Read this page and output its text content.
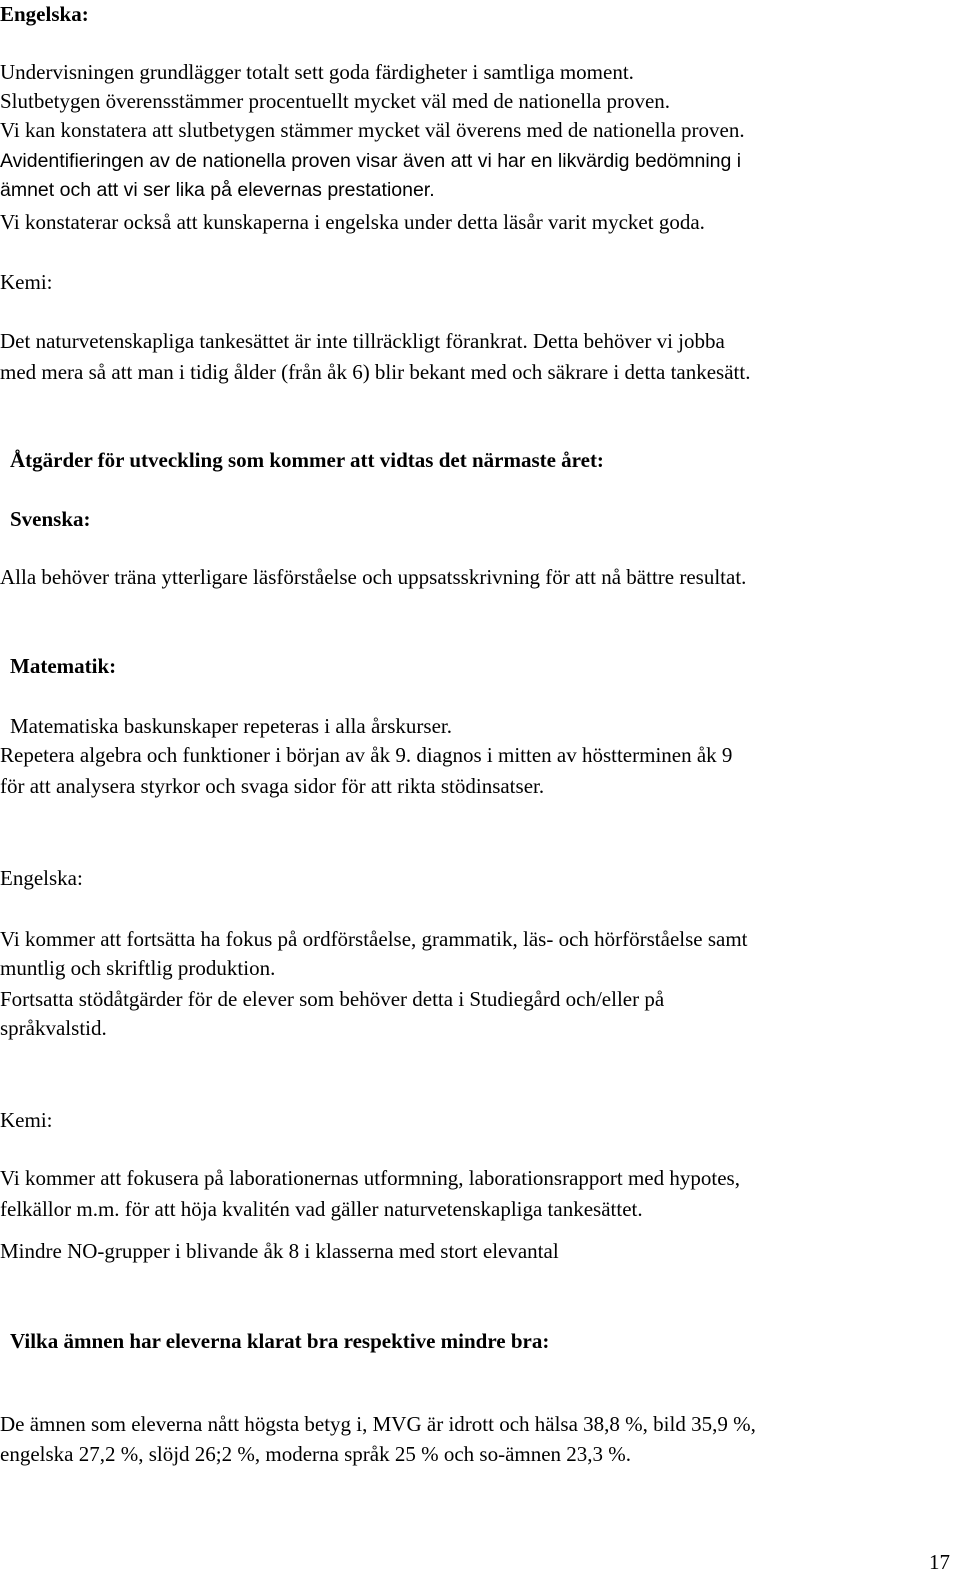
Engelska:
Undervisningen grundlägger totalt sett goda färdigheter i samtliga moment.
Slutbetygen överensstämmer procentuellt mycket väl med de nationella proven.
Vi kan konstatera att slutbetygen stämmer mycket väl överens med de nationella proven.
Avidentifieringen av de nationella proven visar även att vi har en likvärdig bedömning i
ämnet och att vi ser lika på elevernas prestationer.
Vi konstaterar också att kunskaperna i engelska under detta läsår varit mycket goda.
Kemi:
Det naturvetenskapliga tankesättet är inte tillräckligt förankrat. Detta behöver vi jobba
med mera så att man i tidig ålder (från åk 6) blir bekant med och säkrare i detta tankesätt.
Åtgärder för utveckling som kommer att vidtas det närmaste året:
Svenska:
Alla behöver träna ytterligare läsförståelse och uppsatsskrivning för att nå bättre resultat.
Matematik:
Matematiska baskunskaper repeteras i alla årskurser.
Repetera algebra och funktioner i början av åk 9. diagnos i mitten av höstterminen åk 9
för att analysera styrkor och svaga sidor för att rikta stödinsatser.
Engelska:
Vi kommer att fortsätta ha fokus på ordförståelse, grammatik, läs- och hörförståelse samt
muntlig och skriftlig produktion.
Fortsatta stödåtgärder för de elever som behöver detta i Studiegård och/eller på
språkvalstid.
Kemi:
Vi kommer att fokusera på laborationernas utformning, laborationsrapport med hypotes,
felkällor m.m. för att höja kvalitén vad gäller naturvetenskapliga tankesättet.
Mindre NO-grupper i blivande åk 8 i klasserna med stort elevantal
Vilka ämnen har eleverna klarat bra respektive mindre bra:
De ämnen som eleverna nått högsta betyg i, MVG är idrott och hälsa 38,8 %, bild 35,9 %,
engelska 27,2 %, slöjd 26;2 %, moderna språk 25 % och so-ämnen 23,3 %.
17
